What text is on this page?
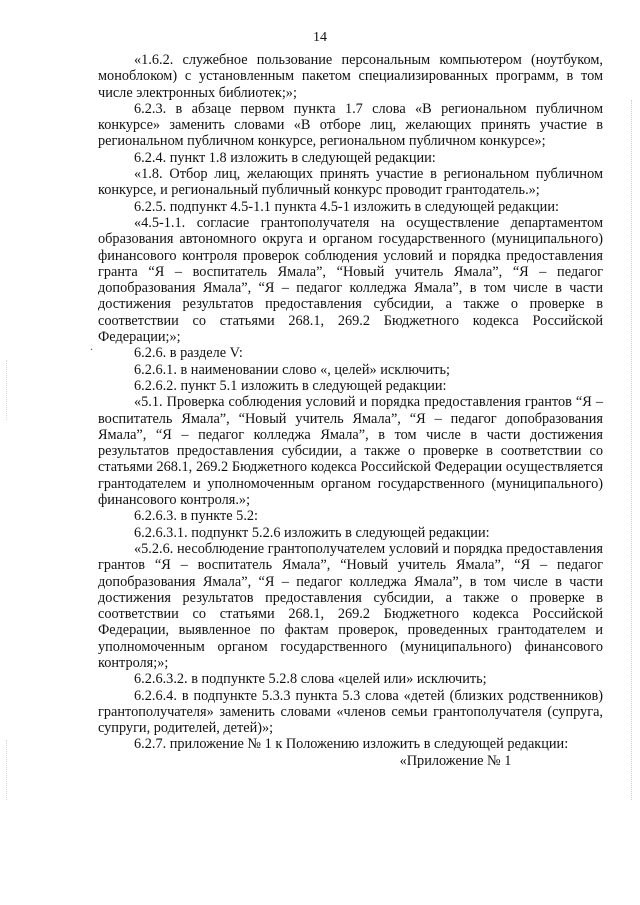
14
.

«1.6.2. служебное пользование персональным компьютером (ноутбуком, моноблоком) с установленным пакетом специализированных программ, в том числе электронных библиотек;»;

6.2.3. в абзаце первом пункта 1.7 слова «В региональном публичном конкурсе» заменить словами «В отборе лиц, желающих принять участие в региональном публичном конкурсе, региональном публичном конкурсе»;

6.2.4. пункт 1.8 изложить в следующей редакции:

«1.8. Отбор лиц, желающих принять участие в региональном публичном конкурсе, и региональный публичный конкурс проводит грантодатель.»;

6.2.5. подпункт 4.5-1.1 пункта 4.5-1 изложить в следующей редакции:

«4.5-1.1. согласие грантополучателя на осуществление департаментом образования автономного округа и органом государственного (муниципального) финансового контроля проверок соблюдения условий и порядка предоставления гранта “Я – воспитатель Ямала”, “Новый учитель Ямала”, “Я – педагог допобразования Ямала”, “Я – педагог колледжа Ямала”, в том числе в части достижения результатов предоставления субсидии, а также о проверке в соответствии со статьями 268.1, 269.2 Бюджетного кодекса Российской Федерации;»;

6.2.6. в разделе V:

6.2.6.1. в наименовании слово «, целей» исключить;

6.2.6.2. пункт 5.1 изложить в следующей редакции:

«5.1. Проверка соблюдения условий и порядка предоставления грантов “Я – воспитатель Ямала”, “Новый учитель Ямала”, “Я – педагог допобразования Ямала”, “Я – педагог колледжа Ямала”, в том числе в части достижения результатов предоставления субсидии, а также о проверке в соответствии со статьями 268.1, 269.2 Бюджетного кодекса Российской Федерации осуществляется грантодателем и уполномоченным органом государственного (муниципального) финансового контроля.»;

6.2.6.3. в пункте 5.2:

6.2.6.3.1. подпункт 5.2.6 изложить в следующей редакции:

«5.2.6. несоблюдение грантополучателем условий и порядка предоставления грантов “Я – воспитатель Ямала”, “Новый учитель Ямала”, “Я – педагог допобразования Ямала”, “Я – педагог колледжа Ямала”, в том числе в части достижения результатов предоставления субсидии, а также о проверке в соответствии со статьями 268.1, 269.2 Бюджетного кодекса Российской Федерации, выявленное по фактам проверок, проведенных грантодателем и уполномоченным органом государственного (муниципального) финансового контроля;»;

6.2.6.3.2. в подпункте 5.2.8 слова «целей или» исключить;

6.2.6.4. в подпункте 5.3.3 пункта 5.3 слова «детей (близких родственников) грантополучателя» заменить словами «членов семьи грантополучателя (супруга, супруги, родителей, детей)»;

6.2.7. приложение № 1 к Положению изложить в следующей редакции:

«Приложение № 1
